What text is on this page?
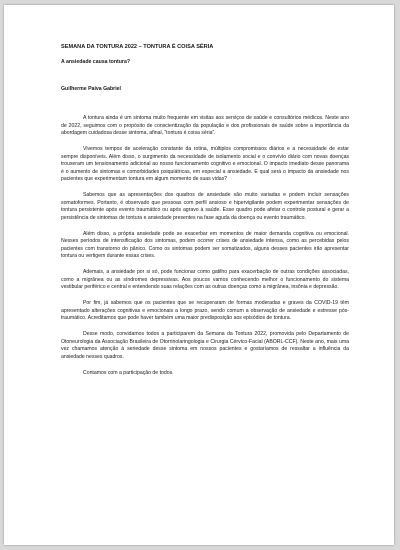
SEMANA DA TONTURA 2022 – TONTURA É COISA SÉRIA
A ansiedade causa tontura?
Guilherme Paiva Gabriel

A tontura ainda é um sintoma muito frequente em visitas aos serviços de saúde e consultórios médicos. Neste ano de 2022, seguimos com o propósito de conscientização da população e dos profissionais de saúde sobre a importância da abordagem cuidadosa desse sintoma, afinal, “tontura é coisa séria”.

Vivemos tempos de aceleração constante da rotina, múltiplos compromissos diários e a necessidade de estar sempre disponíveis. Além disso, o surgimento da necessidade de isolamento social e o convívio diário com novas doenças trouxeram um tensionamento adicional ao nosso funcionamento cognitivo e emocional. O impacto imediato desse panorama é o aumento de sintomas e comorbidades psiquiátricas, em especial a ansiedade. E qual será o impacto da ansiedade nos pacientes que experimentam tontura em algum momento de suas vidas?

Sabemos que as apresentações dos quadros de ansiedade são muito variadas e podem incluir sensações somatoformes. Portanto, é observado que pessoas com perfil ansioso e hipervigilante podem experimentar sensações de tontura persistente após evento traumático ou após agravo à saúde. Esse quadro pode afetar o controle postural e gerar a persistência de sintomas de tontura e ansiedade presentes na fase aguda da doença ou evento traumático.

Além disso, a própria ansiedade pode se exacerbar em momentos de maior demanda cognitiva ou emocional. Nesses períodos de intensificação dos sintomas, podem ocorrer crises de ansiedade intensa, como as percebidas pelos pacientes com transtorno do pânico. Como os sintomas podem ser somatizados, alguns desses pacientes irão apresentar tontura ou vertigem durante essas crises.

Ademais, a ansiedade por si só, pode funcionar como gatilho para exacerbação de outras condições associadas, como a migrânea ou as síndromes depressivas. Aos poucos vamos conhecendo melhor o funcionamento do sistema vestibular periférico e central e entendendo suas relações com as outras doenças como a migrânea, insônia e depressão.

Por fim, já sabemos que os pacientes que se recuperaram de formas moderadas e graves da COVID-19 têm apresentado alterações cognitivas e emocionais a longo prazo, sendo comum a observação de ansiedade e estresse pós-traumático. Acreditamos que pode haver também uma maior predisposição aos episódios de tontura.

Desse modo, convidamos todos a participarem da Semana da Tontura 2022, promovida pelo Departamento de Otoneurologia da Associação Brasileira de Otorrinolaringologia e Cirurgia Cérvico-Facial (ABORL-CCF). Neste ano, mais uma vez chamamos atenção à seriedade desse sintoma em nossos pacientes e gostaríamos de ressaltar a influência da ansiedade nesses quadros.

Contamos com a participação de todos.
